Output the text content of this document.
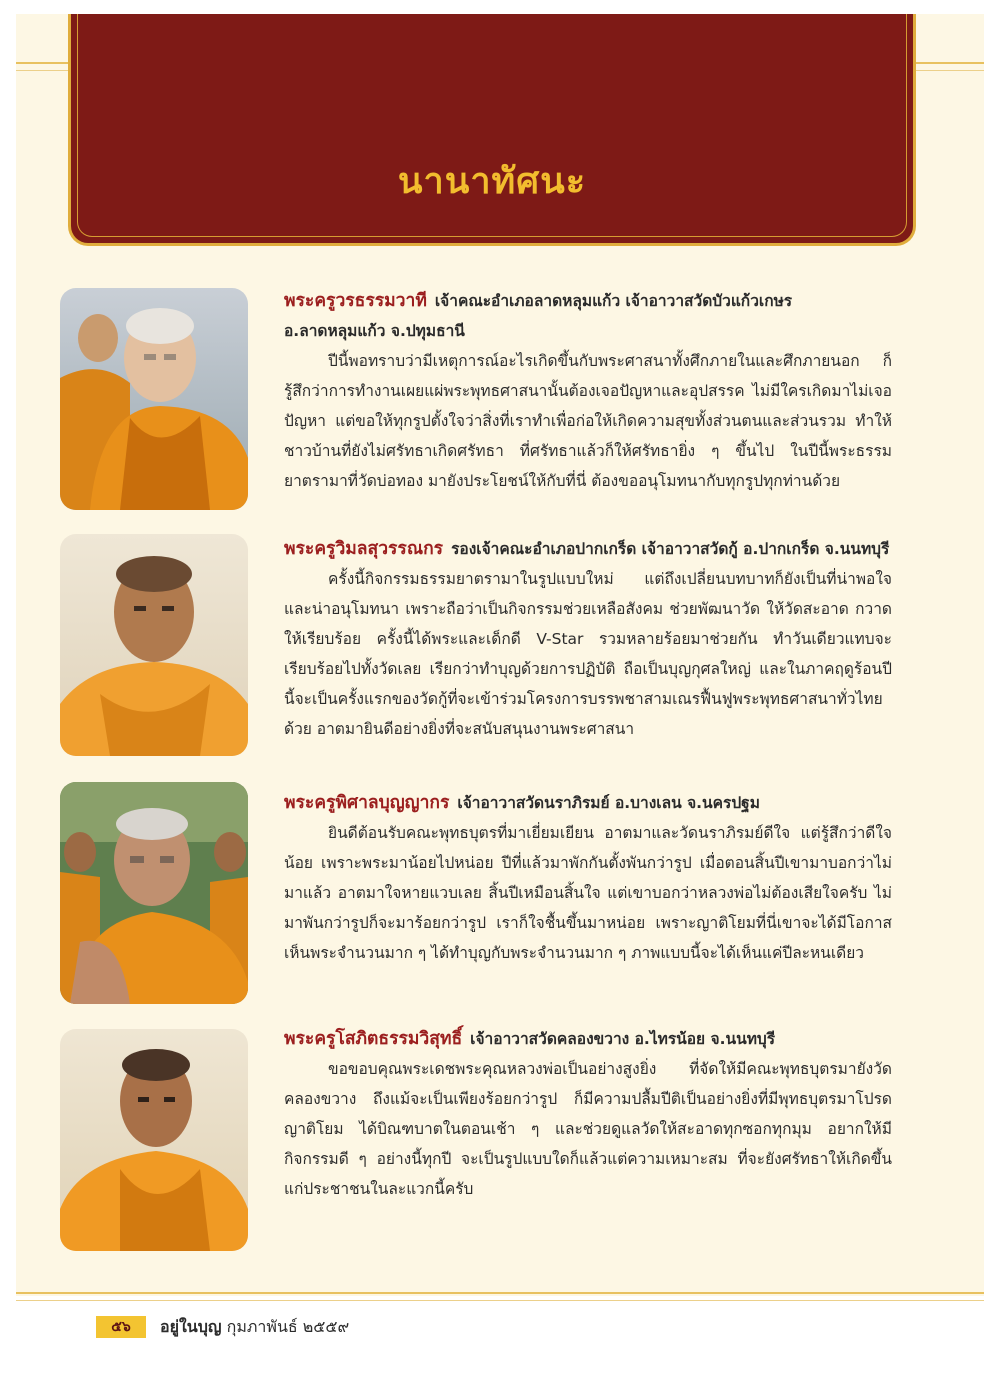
นานาทัศนะ

พระครูวรธรรมวาที เจ้าคณะอำเภอลาดหลุมแก้ว เจ้าอาวาสวัดบัวแก้วเกษร อ.ลาดหลุมแก้ว จ.ปทุมธานี

ปีนี้พอทราบว่ามีเหตุการณ์อะไรเกิดขึ้นกับพระศาสนาทั้งศึกภายในและศึกภายนอก ก็รู้สึกว่าการทำงานเผยแผ่พระพุทธศาสนานั้นต้องเจอปัญหาและอุปสรรค ไม่มีใครเกิดมาไม่เจอปัญหา แต่ขอให้ทุกรูปตั้งใจว่าสิ่งที่เราทำเพื่อก่อให้เกิดความสุขทั้งส่วนตนและส่วนรวม ทำให้ชาวบ้านที่ยังไม่ศรัทธาเกิดศรัทธา ที่ศรัทธาแล้วก็ให้ศรัทธายิ่ง ๆ ขึ้นไป ในปีนี้พระธรรมยาตรามาที่วัดบ่อทอง มายังประโยชน์ให้กับที่นี่ ต้องขออนุโมทนากับทุกรูปทุกท่านด้วย

พระครูวิมลสุวรรณกร รองเจ้าคณะอำเภอปากเกร็ด เจ้าอาวาสวัดกู้ อ.ปากเกร็ด จ.นนทบุรี

ครั้งนี้กิจกรรมธรรมยาตรามาในรูปแบบใหม่ แต่ถึงเปลี่ยนบทบาทก็ยังเป็นที่น่าพอใจและน่าอนุโมทนา เพราะถือว่าเป็นกิจกรรมช่วยเหลือสังคม ช่วยพัฒนาวัด ให้วัดสะอาด กวาดให้เรียบร้อย ครั้งนี้ได้พระและเด็กดี V-Star รวมหลายร้อยมาช่วยกัน ทำวันเดียวแทบจะเรียบร้อยไปทั้งวัดเลย เรียกว่าทำบุญด้วยการปฏิบัติ ถือเป็นบุญกุศลใหญ่ และในภาคฤดูร้อนปีนี้จะเป็นครั้งแรกของวัดกู้ที่จะเข้าร่วมโครงการบรรพชาสามเณรฟื้นฟูพระพุทธศาสนาทั่วไทยด้วย อาตมายินดีอย่างยิ่งที่จะสนับสนุนงานพระศาสนา

พระครูพิศาลบุญญากร เจ้าอาวาสวัดนราภิรมย์ อ.บางเลน จ.นครปฐม

ยินดีต้อนรับคณะพุทธบุตรที่มาเยี่ยมเยียน อาตมาและวัดนราภิรมย์ดีใจ แต่รู้สึกว่าดีใจน้อย เพราะพระมาน้อยไปหน่อย ปีที่แล้วมาพักกันตั้งพันกว่ารูป เมื่อตอนสิ้นปีเขามาบอกว่าไม่มาแล้ว อาตมาใจหายแวบเลย สิ้นปีเหมือนสิ้นใจ แต่เขาบอกว่าหลวงพ่อไม่ต้องเสียใจครับ ไม่มาพันกว่ารูปก็จะมาร้อยกว่ารูป เราก็ใจชื้นขึ้นมาหน่อย เพราะญาติโยมที่นี่เขาจะได้มีโอกาสเห็นพระจำนวนมาก ๆ ได้ทำบุญกับพระจำนวนมาก ๆ ภาพแบบนี้จะได้เห็นแค่ปีละหนเดียว

พระครูโสภิตธรรมวิสุทธิ์ เจ้าอาวาสวัดคลองขวาง อ.ไทรน้อย จ.นนทบุรี

ขอขอบคุณพระเดชพระคุณหลวงพ่อเป็นอย่างสูงยิ่ง ที่จัดให้มีคณะพุทธบุตรมายังวัดคลองขวาง ถึงแม้จะเป็นเพียงร้อยกว่ารูป ก็มีความปลื้มปีติเป็นอย่างยิ่งที่มีพุทธบุตรมาโปรดญาติโยม ได้บิณฑบาตในตอนเช้า ๆ และช่วยดูแลวัดให้สะอาดทุกซอกทุกมุม อยากให้มีกิจกรรมดี ๆ อย่างนี้ทุกปี จะเป็นรูปแบบใดก็แล้วแต่ความเหมาะสม ที่จะยังศรัทธาให้เกิดขึ้นแก่ประชาชนในละแวกนี้ครับ

๕๖	อยู่ในบุญ กุมภาพันธ์ ๒๕๕๙
